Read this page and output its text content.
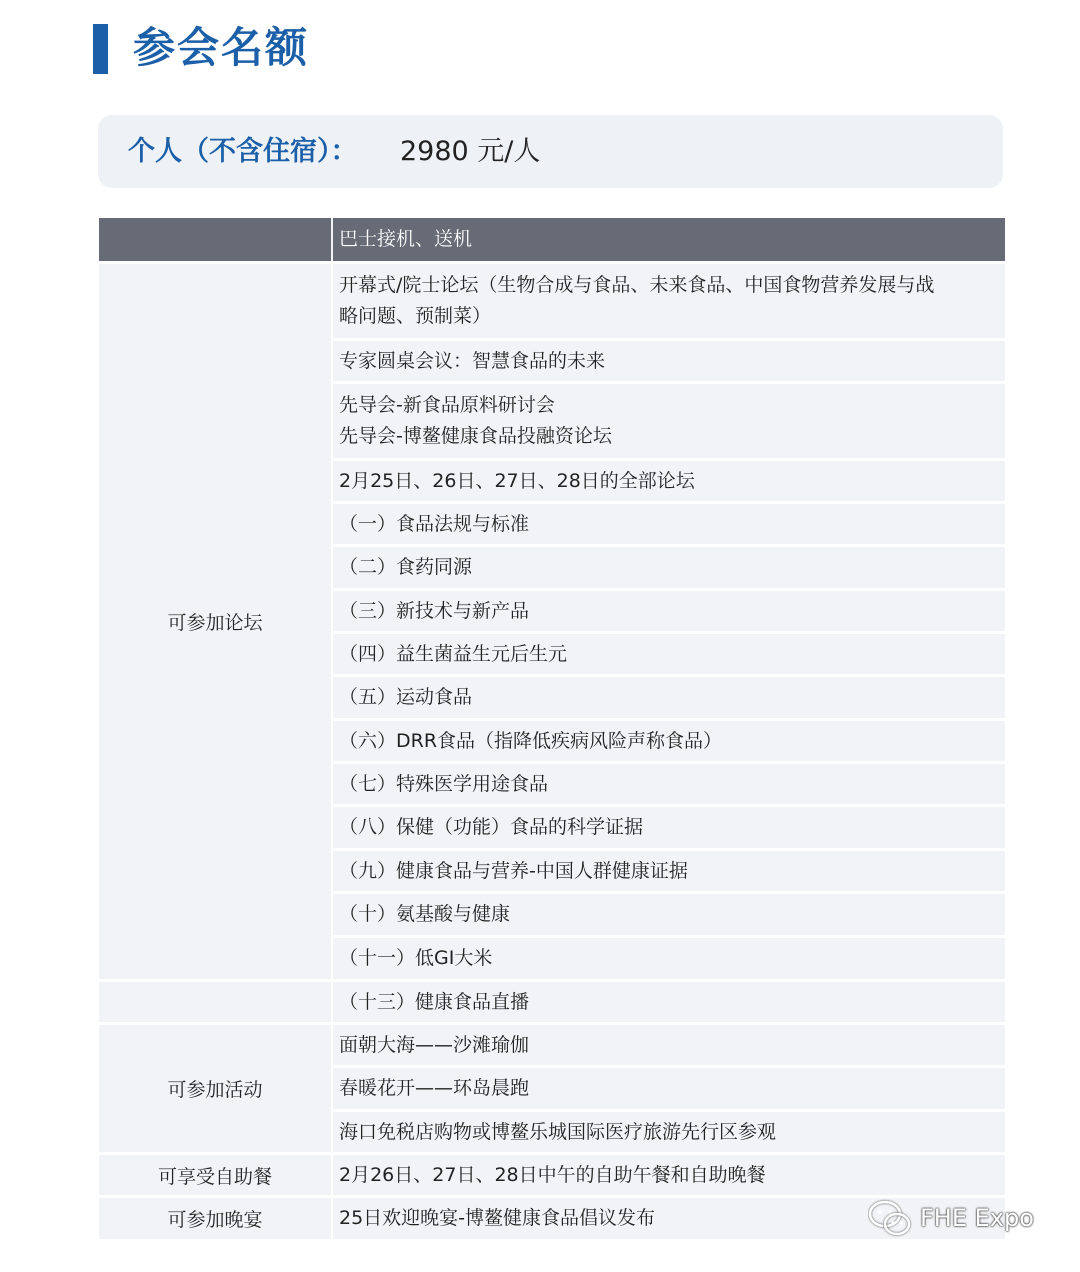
参会名额
个人（不含住宿）： 2980 元/人
巴士接机、送机
可参加论坛
可参加活动
可享受自助餐
可参加晚宴
开幕式/院士论坛（生物合成与食品、未来食品、中国食物营养发展与战
略问题、预制菜）
专家圆桌会议：智慧食品的未来
先导会-新食品原料研讨会
先导会-博鳌健康食品投融资论坛
2月25日、26日、27日、28日的全部论坛
（一）食品法规与标准
（二）食药同源
（三）新技术与新产品
（四）益生菌益生元后生元
（五）运动食品
（六）DRR食品（指降低疾病风险声称食品）
（七）特殊医学用途食品
（八）保健（功能）食品的科学证据
（九）健康食品与营养-中国人群健康证据
（十）氨基酸与健康
（十一）低GI大米
（十三）健康食品直播
面朝大海——沙滩瑜伽
春暖花开——环岛晨跑
海口免税店购物或博鳌乐城国际医疗旅游先行区参观
2月26日、27日、28日中午的自助午餐和自助晚餐
25日欢迎晚宴-博鳌健康食品倡议发布	FHE Expo
